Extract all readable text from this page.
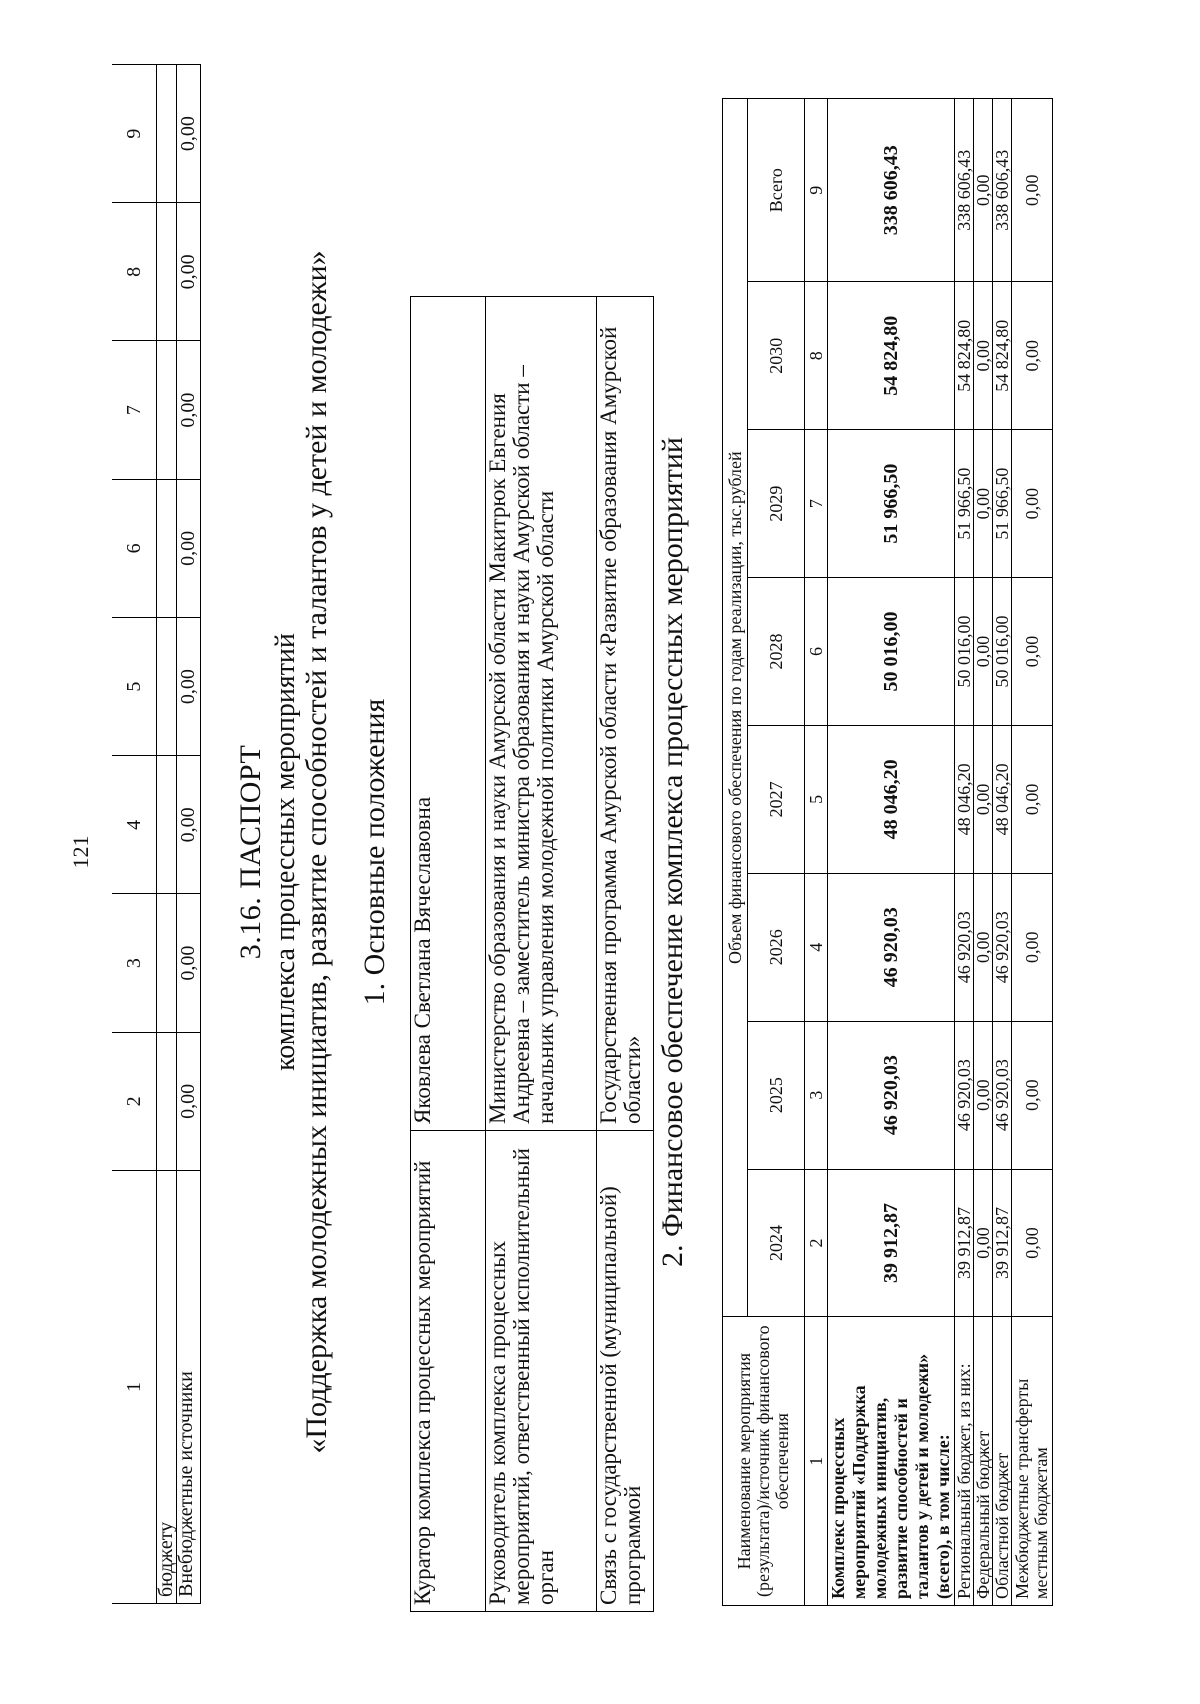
1	2	3	4	5	6	7	8	9
бюджету								
Внебюджетные источники	0,00	0,00	0,00	0,00	0,00	0,00	0,00	0,00
121	3.16. ПАСПОРТ комплекса процессных мероприятий «Поддержка молодежных инициатив, развитие способностей и талантов у детей и молодежи» 1. Основные положения
Куратор комплекса процессных мероприятий	Яковлева Светлана Вячеславовна
Руководитель комплекса процессных мероприятий, ответственный исполнительный орган	Министерство образования и науки Амурской области Макитрюк Евгения Андреевна – заместитель министра образования и науки Амурской области – начальник управления молодежной политики Амурской области
Связь с государственной (муниципальной) программой	Государственная программа Амурской области «Развитие образования Амурской области» 2. Финансовое обеспечение комплекса процессных мероприятий
Наименование мероприятия (результата)/источник финансового обеспечения	Объем финансового обеспечения по годам реализации, тыс.рублей							
	2024	2025	2026	2027	2028	2029	2030	Всего
1	2	3	4	5	6	7	8	9
Комплекс процессных мероприятий «Поддержка молодежных инициатив, развитие способностей и талантов у детей и молодежи» (всего), в том числе:	39 912,87	46 920,03	46 920,03	48 046,20	50 016,00	51 966,50	54 824,80	338 606,43
Региональный бюджет, из них:	39 912,87	46 920,03	46 920,03	48 046,20	50 016,00	51 966,50	54 824,80	338 606,43
Федеральный бюджет	0,00	0,00	0,00	0,00	0,00	0,00	0,00	0,00
Областной бюджет	39 912,87	46 920,03	46 920,03	48 046,20	50 016,00	51 966,50	54 824,80	338 606,43
Межбюджетные трансферты местным бюджетам	0,00	0,00	0,00	0,00	0,00	0,00	0,00	0,00
